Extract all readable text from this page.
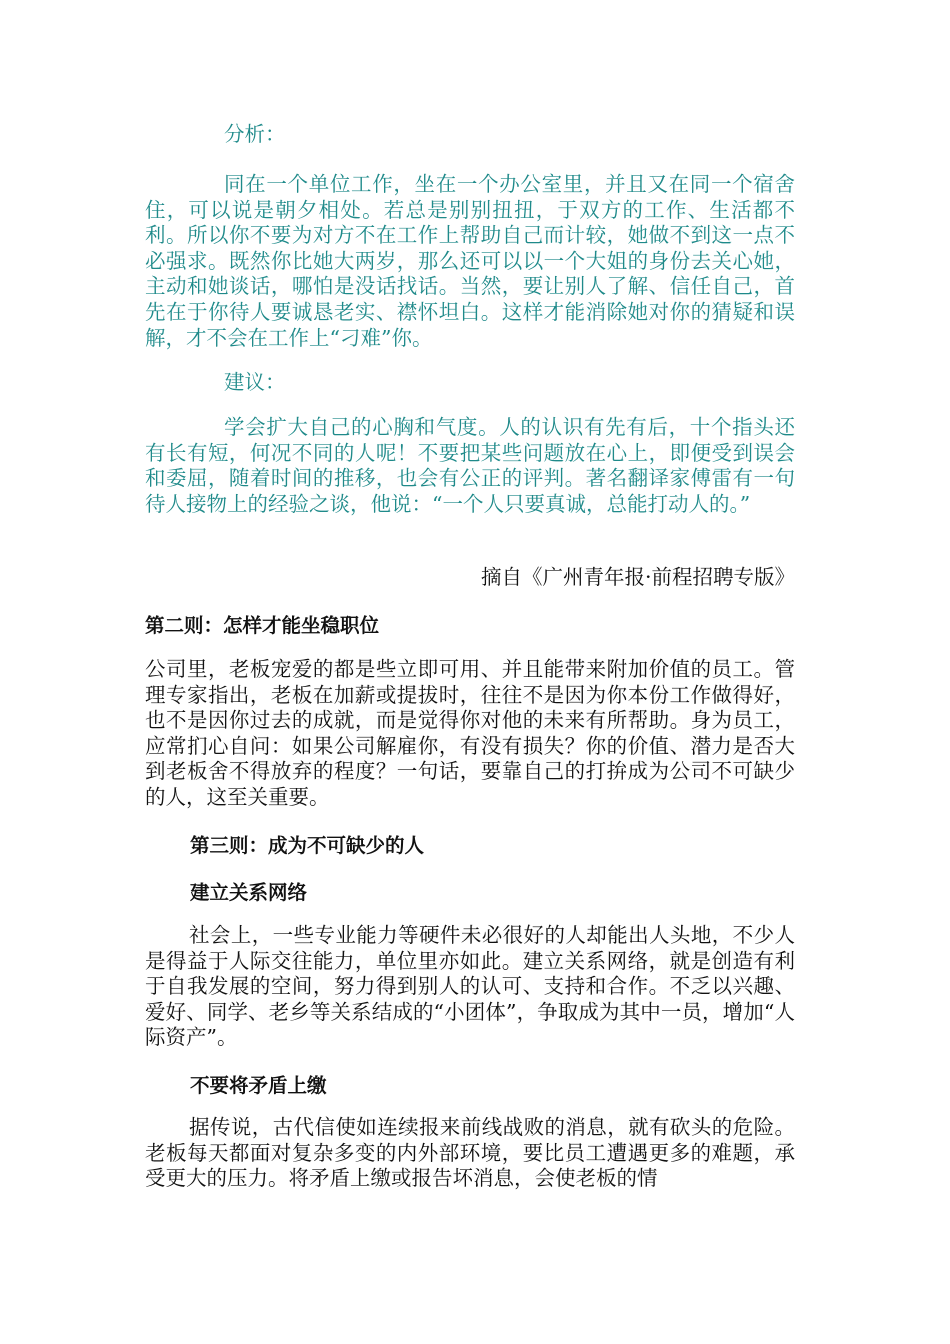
分析：

同在一个单位工作，坐在一个办公室里，并且又在同一个宿舍住，可以说是朝夕相处。若总是别别扭扭，于双方的工作、生活都不利。所以你不要为对方不在工作上帮助自己而计较，她做不到这一点不必强求。既然你比她大两岁，那么还可以以一个大姐的身份去关心她，主动和她谈话，哪怕是没话找话。当然，要让别人了解、信任自己，首先在于你待人要诚恳老实、襟怀坦白。这样才能消除她对你的猜疑和误解，才不会在工作上“刁难”你。

建议：

学会扩大自己的心胸和气度。人的认识有先有后，十个指头还有长有短，何况不同的人呢！不要把某些问题放在心上，即便受到误会和委屈，随着时间的推移，也会有公正的评判。著名翻译家傅雷有一句待人接物上的经验之谈，他说：“一个人只要真诚，总能打动人的。”

摘自《广州青年报·前程招聘专版》

第二则：怎样才能坐稳职位

公司里，老板宠爱的都是些立即可用、并且能带来附加价值的员工。管理专家指出，老板在加薪或提拔时，往往不是因为你本份工作做得好，也不是因你过去的成就，而是觉得你对他的未来有所帮助。身为员工，应常扪心自问：如果公司解雇你，有没有损失？你的价值、潜力是否大到老板舍不得放弃的程度？一句话，要靠自己的打拚成为公司不可缺少的人，这至关重要。

第三则：成为不可缺少的人

建立关系网络

社会上，一些专业能力等硬件未必很好的人却能出人头地，不少人是得益于人际交往能力，单位里亦如此。建立关系网络，就是创造有利于自我发展的空间，努力得到别人的认可、支持和合作。不乏以兴趣、爱好、同学、老乡等关系结成的“小团体”，争取成为其中一员，增加“人际资产”。

不要将矛盾上缴

据传说，古代信使如连续报来前线战败的消息，就有砍头的危险。老板每天都面对复杂多变的内外部环境，要比员工遭遇更多的难题，承受更大的压力。将矛盾上缴或报告坏消息，会使老板的情
